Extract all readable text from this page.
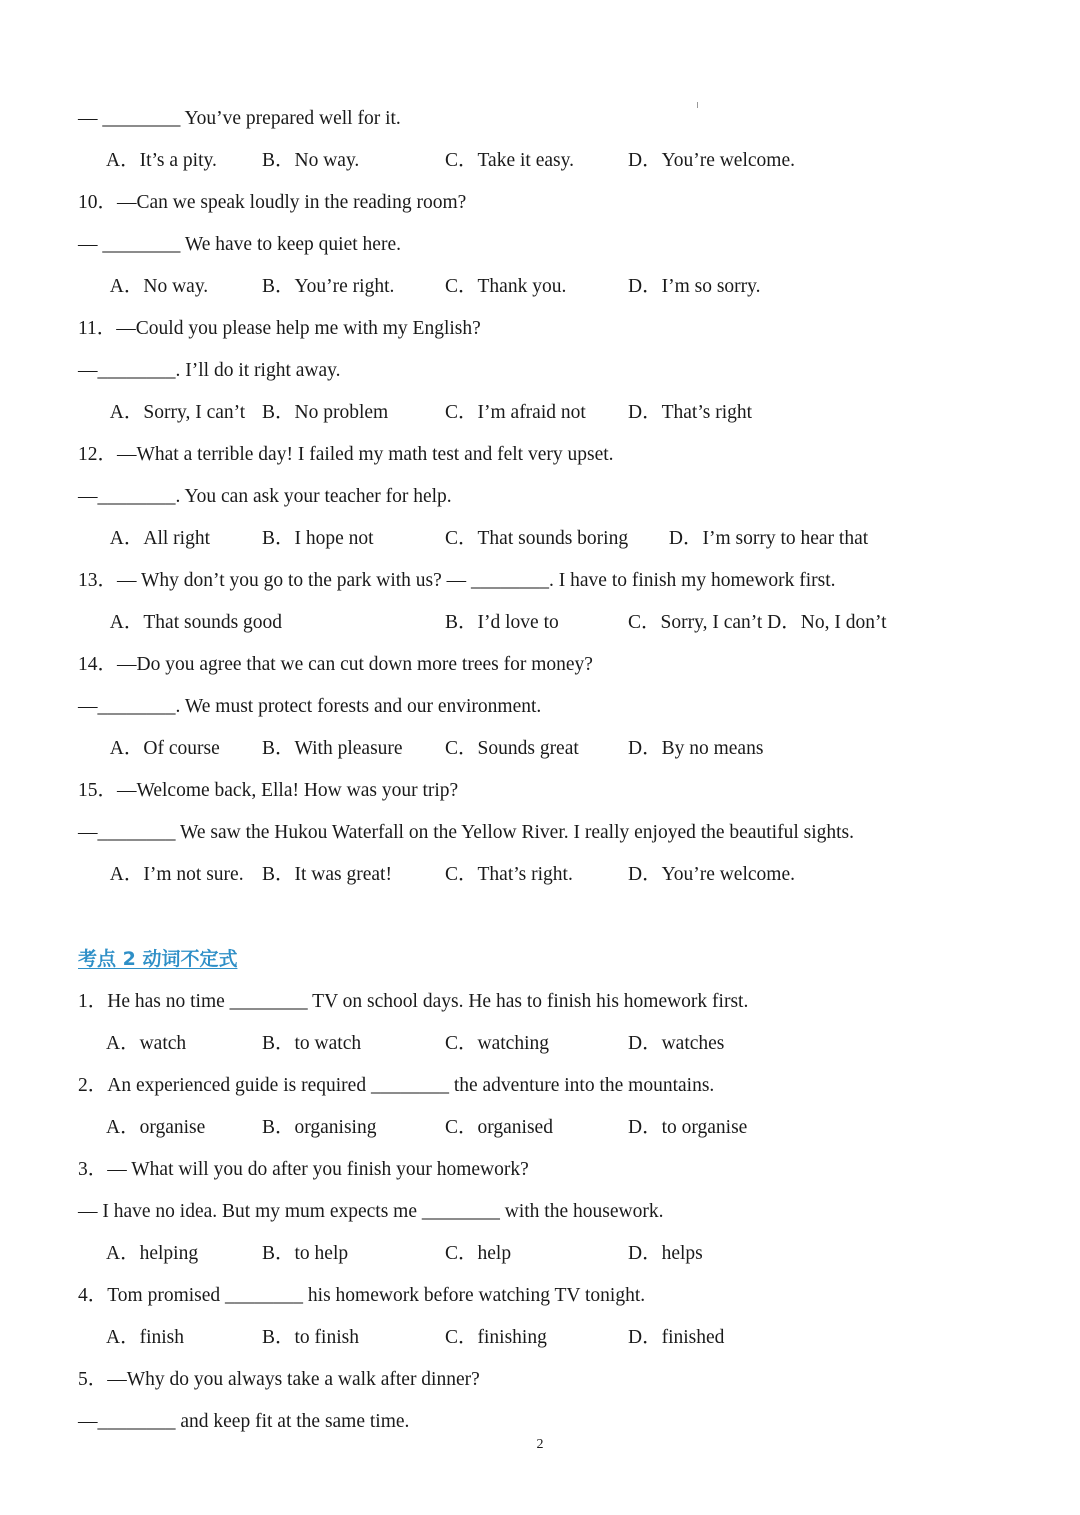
— ________ You’ve prepared well for it.

A．It’s a pity.

B．No way.

	C．Take it easy.

	D．You’re welcome.

10．—Can we speak loudly in the reading room?
— ________ We have to keep quiet here.

A．No way.

	B．You’re right.

	C．Thank you.

	D．I’m so sorry.

11．—Could you please help me with my English?
—________. I’ll do it right away.

A．Sorry, I can’t

B．No problem

	C．I’m afraid not

D．That’s right

12．—What a terrible day! I failed my math test and felt very upset.
—________. You can ask your teacher for help.

A．All right

	B．I hope not

	C．That sounds boring

D．I’m sorry to hear that

13．— Why don’t you go to the park with us? — ________. I have to finish my homework first.

A．That sounds good

	B．I’d love to

	C．Sorry, I can’t D．No, I don’t

14．—Do you agree that we can cut down more trees for money?
—________. We must protect forests and our environment.

A．Of course

B．With pleasure

C．Sounds great

	D．By no means

15．—Welcome back, Ella! How was your trip?
—________ We saw the Hukou Waterfall on the Yellow River. I really enjoyed the beautiful sights.

A．I’m not sure.

B．It was great!

	C．That’s right.

	D．You’re welcome.

考点 2 动词不定式
1．He has no time ________ TV on school days. He has to finish his homework first.

A．watch

	B．to watch

	C．watching

	D．watches

2．An experienced guide is required ________ the adventure into the mountains.

A．organise

	B．organising

	C．organised

	D．to organise

3．— What will you do after you finish your homework?
— I have no idea. But my mum expects me ________ with the housework.

A．helping

	B．to help

	C．help

	D．helps

4．Tom promised ________ his homework before watching TV tonight.

A．finish

	B．to finish

	C．finishing

	D．finished

5．—Why do you always take a walk after dinner?
—________ and keep fit at the same time.
2
